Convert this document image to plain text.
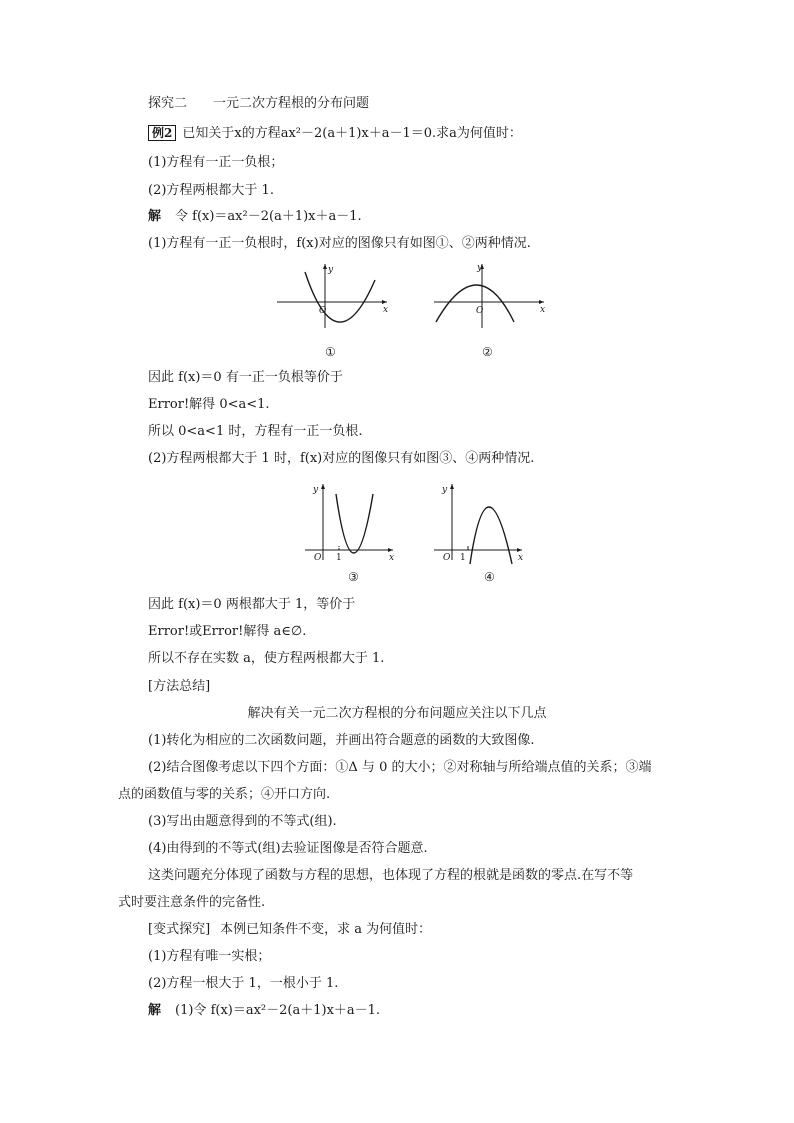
探究二 一元二次方程根的分布问题
例2 已知关于x的方程ax²－2(a＋1)x＋a－1＝0.求a为何值时：
(1)方程有一正一负根；
(2)方程两根都大于 1.
解 令 f(x)＝ax²－2(a＋1)x＋a－1.
(1)方程有一正一负根时，f(x)对应的图像只有如图①、②两种情况.
y
x
O
①
y
x
O
②
因此 f(x)＝0 有一正一负根等价于
Error!解得 0<a<1.
所以 0<a<1 时，方程有一正一负根.
(2)方程两根都大于 1 时，f(x)对应的图像只有如图③、④两种情况.
y
x
O 1
③
y
x
O 1
④
因此 f(x)＝0 两根都大于 1，等价于
Error!或Error!解得 a∈∅.
所以不存在实数 a，使方程两根都大于 1.
[方法总结]
解决有关一元二次方程根的分布问题应关注以下几点
(1)转化为相应的二次函数问题，并画出符合题意的函数的大致图像.
(2)结合图像考虑以下四个方面：①Δ 与 0 的大小；②对称轴与所给端点值的关系；③端
点的函数值与零的关系；④开口方向.
(3)写出由题意得到的不等式(组).
(4)由得到的不等式(组)去验证图像是否符合题意.
这类问题充分体现了函数与方程的思想，也体现了方程的根就是函数的零点.在写不等
式时要注意条件的完备性.
[变式探究] 本例已知条件不变，求 a 为何值时：
(1)方程有唯一实根；
(2)方程一根大于 1，一根小于 1.
解 (1)令 f(x)＝ax²－2(a＋1)x＋a－1.
